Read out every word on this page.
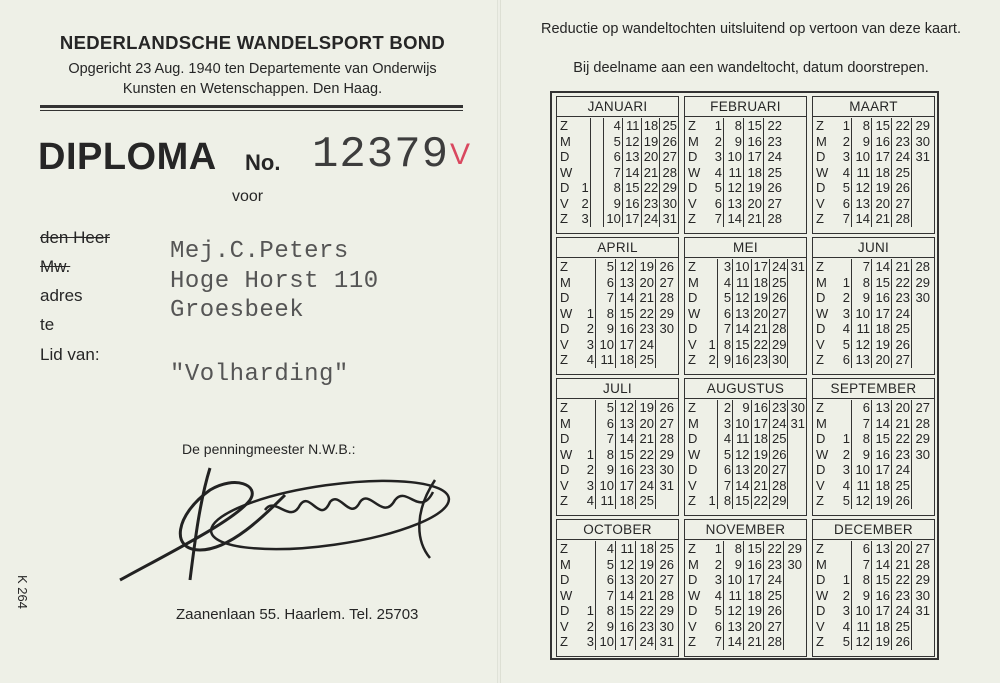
NEDERLANDSCHE WANDELSPORT BOND
Opgericht 23 Aug. 1940 ten Departemente van Onderwijs
Kunsten en Wetenschappen. Den Haag.
DIPLOMA No. 12379 V
voor
den Heer
Mw.
adres
te
Lid van:
Mej.C.Peters
Hoge Horst 110
Groesbeek
"Volharding"
De penningmeester N.W.B.:
K 264
Zaanenlaan 55. Haarlem. Tel. 25703
Reductie op wandeltochten uitsluitend op vertoon van deze kaart.
Bij deelname aan een wandeltocht, datum doorstrepen.
JANUARI
Z			4	11	18	25
M			5	12	19	26
D			6	13	20	27
W			7	14	21	28
D	1		8	15	22	29
V	2		9	16	23	30
Z	3		10	17	24	31
FEBRUARI
Z	1	8	15	22
M	2	9	16	23
D	3	10	17	24
W	4	11	18	25
D	5	12	19	26
V	6	13	20	27
Z	7	14	21	28
MAART
Z	1	8	15	22	29
M	2	9	16	23	30
D	3	10	17	24	31
W	4	11	18	25	
D	5	12	19	26	
V	6	13	20	27	
Z	7	14	21	28	
APRIL
Z		5	12	19	26
M		6	13	20	27
D		7	14	21	28
W	1	8	15	22	29
D	2	9	16	23	30
V	3	10	17	24	
Z	4	11	18	25	
MEI
Z		3	10	17	24	31
M		4	11	18	25	
D		5	12	19	26	
W		6	13	20	27	
D		7	14	21	28	
V	1	8	15	22	29	
Z	2	9	16	23	30	
JUNI
Z		7	14	21	28
M	1	8	15	22	29
D	2	9	16	23	30
W	3	10	17	24	
D	4	11	18	25	
V	5	12	19	26	
Z	6	13	20	27	
JULI
Z		5	12	19	26
M		6	13	20	27
D		7	14	21	28
W	1	8	15	22	29
D	2	9	16	23	30
V	3	10	17	24	31
Z	4	11	18	25	
AUGUSTUS
Z		2	9	16	23	30
M		3	10	17	24	31
D		4	11	18	25	
W		5	12	19	26	
D		6	13	20	27	
V		7	14	21	28	
Z	1	8	15	22	29	
SEPTEMBER
Z		6	13	20	27
M		7	14	21	28
D	1	8	15	22	29
W	2	9	16	23	30
D	3	10	17	24	
V	4	11	18	25	
Z	5	12	19	26	
OCTOBER
Z		4	11	18	25
M		5	12	19	26
D		6	13	20	27
W		7	14	21	28
D	1	8	15	22	29
V	2	9	16	23	30
Z	3	10	17	24	31
NOVEMBER
Z	1	8	15	22	29
M	2	9	16	23	30
D	3	10	17	24	
W	4	11	18	25	
D	5	12	19	26	
V	6	13	20	27	
Z	7	14	21	28	
DECEMBER
Z		6	13	20	27
M		7	14	21	28
D	1	8	15	22	29
W	2	9	16	23	30
D	3	10	17	24	31
V	4	11	18	25	
Z	5	12	19	26	
